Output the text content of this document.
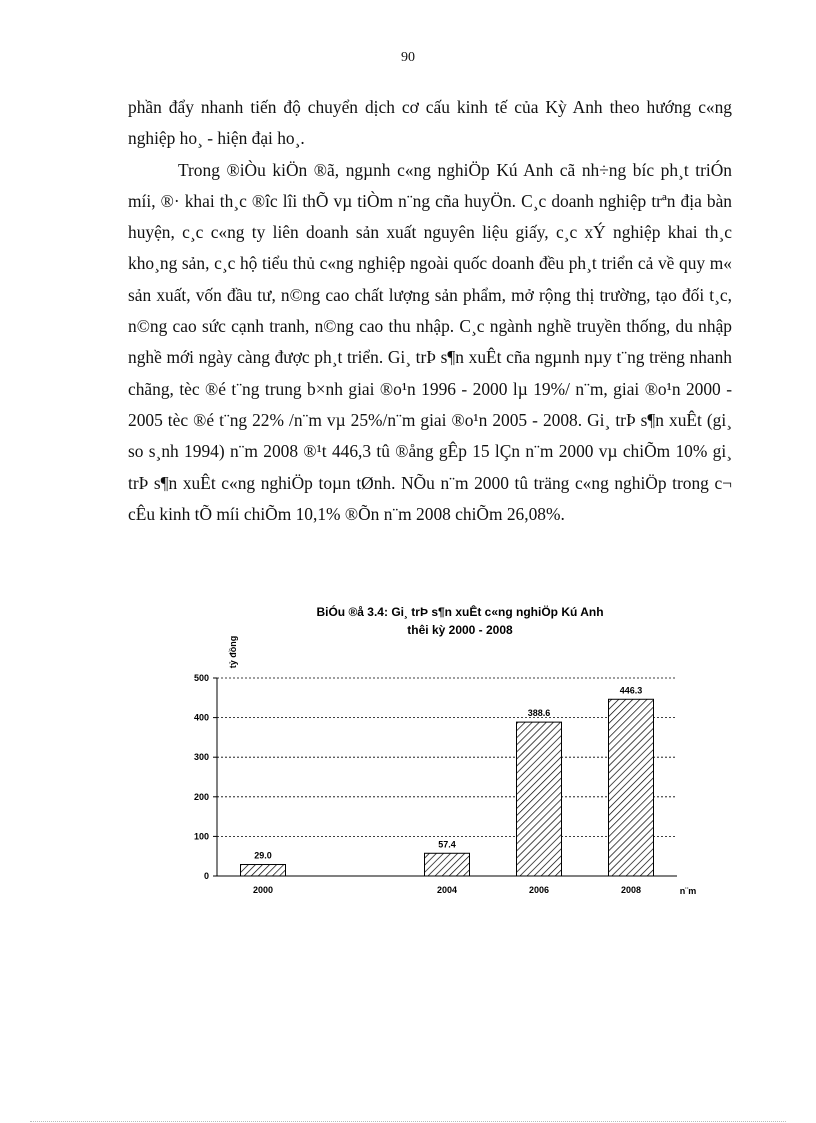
90

phần đẩy nhanh tiến độ chuyển dịch cơ cấu kinh tế của Kỳ Anh theo hướng c«ng nghiệp ho¸ - hiện đại ho¸.

Trong ®iÒu kiÖn ®ã, ngµnh c«ng nghiÖp Kú Anh cã nh÷ng bíc ph¸t triÓn míi, ®· khai th¸c ®îc lîi thÕ vµ tiÒm n¨ng cña huyÖn. C¸c doanh nghiệp trªn địa bàn huyện, c¸c c«ng ty liên doanh sản xuất nguyên liệu giấy, c¸c xÝ nghiệp khai th¸c kho¸ng sản, c¸c hộ tiểu thủ c«ng nghiệp ngoài quốc doanh đều ph¸t triển cả về quy m« sản xuất, vốn đầu tư, n©ng cao chất lượng sản phẩm, mở rộng thị trường, tạo đối t¸c, n©ng cao sức cạnh tranh, n©ng cao thu nhập. C¸c ngành nghề truyền thống, du nhập nghề mới ngày càng được ph¸t triển. Gi¸ trÞ s¶n xuÊt cña ngµnh nµy t¨ng trëng nhanh chãng, tèc ®é t¨ng trung b×nh giai ®o¹n 1996 - 2000 lµ 19%/ n¨m, giai ®o¹n 2000 - 2005 tèc ®é t¨ng 22% /n¨m vµ 25%/n¨m giai ®o¹n 2005 - 2008. Gi¸ trÞ s¶n xuÊt (gi¸ so s¸nh 1994) n¨m 2008 ®¹t 446,3 tû ®ång gÊp 15 lÇn n¨m 2000 vµ chiÕm 10% gi¸ trÞ s¶n xuÊt c«ng nghiÖp toµn tØnh. NÕu n¨m 2000 tû träng c«ng nghiÖp trong c¬ cÊu kinh tÕ míi chiÕm 10,1% ®Õn n¨m 2008 chiÕm 26,08%.

BiÓu ®å 3.4: Gi¸ trÞ s¶n xuÊt c«ng nghiÖp Kú Anh
thêi kỳ 2000 - 2008
tỷ đồng
0
100
200
300
400
500
29.0
2000
57.4
2004
388.6
2006
446.3
2008	n¨m
